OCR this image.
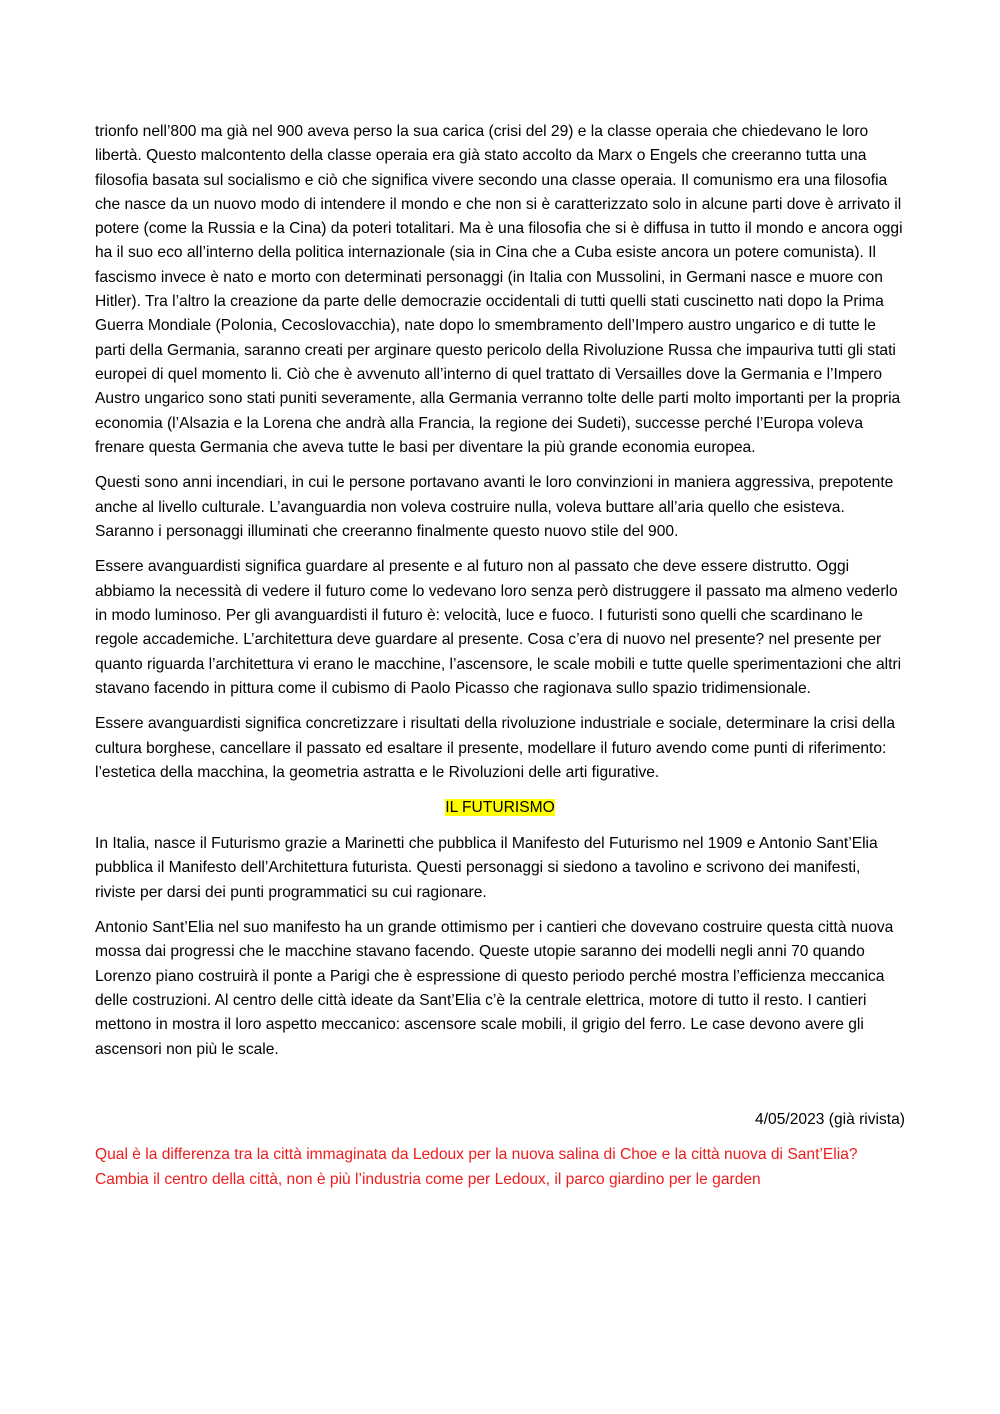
trionfo nell’800 ma già nel 900 aveva perso la sua carica (crisi del 29) e la classe operaia che chiedevano le loro libertà. Questo malcontento della classe operaia era già stato accolto da Marx o Engels che creeranno tutta una filosofia basata sul socialismo e ciò che significa vivere secondo una classe operaia. Il comunismo era una filosofia che nasce da un nuovo modo di intendere il mondo e che non si è caratterizzato solo in alcune parti dove è arrivato il potere (come la Russia e la Cina) da poteri totalitari. Ma è una filosofia che si è diffusa in tutto il mondo e ancora oggi ha il suo eco all’interno della politica internazionale (sia in Cina che a Cuba esiste ancora un potere comunista). Il fascismo invece è nato e morto con determinati personaggi (in Italia con Mussolini, in Germani nasce e muore con Hitler). Tra l’altro la creazione da parte delle democrazie occidentali di tutti quelli stati cuscinetto nati dopo la Prima Guerra Mondiale (Polonia, Cecoslovacchia), nate dopo lo smembramento dell’Impero austro ungarico e di tutte le parti della Germania, saranno creati per arginare questo pericolo della Rivoluzione Russa che impauriva tutti gli stati europei di quel momento li. Ciò che è avvenuto all’interno di quel trattato di Versailles dove la Germania e l’Impero Austro ungarico sono stati puniti severamente, alla Germania verranno tolte delle parti molto importanti per la propria economia (l’Alsazia e la Lorena che andrà alla Francia, la regione dei Sudeti), successe perché l’Europa voleva frenare questa Germania che aveva tutte le basi per diventare la più grande economia europea.

Questi sono anni incendiari, in cui le persone portavano avanti le loro convinzioni in maniera aggressiva, prepotente anche al livello culturale. L’avanguardia non voleva costruire nulla, voleva buttare all’aria quello che esisteva. Saranno i personaggi illuminati che creeranno finalmente questo nuovo stile del 900.

Essere avanguardisti significa guardare al presente e al futuro non al passato che deve essere distrutto. Oggi abbiamo la necessità di vedere il futuro come lo vedevano loro senza però distruggere il passato ma almeno vederlo in modo luminoso. Per gli avanguardisti il futuro è: velocità, luce e fuoco. I futuristi sono quelli che scardinano le regole accademiche. L’architettura deve guardare al presente. Cosa c’era di nuovo nel presente? nel presente per quanto riguarda l’architettura vi erano le macchine, l’ascensore, le scale mobili e tutte quelle sperimentazioni che altri stavano facendo in pittura come il cubismo di Paolo Picasso che ragionava sullo spazio tridimensionale.

Essere avanguardisti significa concretizzare i risultati della rivoluzione industriale e sociale, determinare la crisi della cultura borghese, cancellare il passato ed esaltare il presente, modellare il futuro avendo come punti di riferimento: l’estetica della macchina, la geometria astratta e le Rivoluzioni delle arti figurative.

IL FUTURISMO

In Italia, nasce il Futurismo grazie a Marinetti che pubblica il Manifesto del Futurismo nel 1909 e Antonio Sant’Elia pubblica il Manifesto dell’Architettura futurista. Questi personaggi si siedono a tavolino e scrivono dei manifesti, riviste per darsi dei punti programmatici su cui ragionare.

Antonio Sant’Elia nel suo manifesto ha un grande ottimismo per i cantieri che dovevano costruire questa città nuova mossa dai progressi che le macchine stavano facendo. Queste utopie saranno dei modelli negli anni 70 quando Lorenzo piano costruirà il ponte a Parigi che è espressione di questo periodo perché mostra l’efficienza meccanica delle costruzioni. Al centro delle città ideate da Sant’Elia c’è la centrale elettrica, motore di tutto il resto. I cantieri mettono in mostra il loro aspetto meccanico: ascensore scale mobili, il grigio del ferro. Le case devono avere gli ascensori non più le scale.

4/05/2023 (già rivista)

Qual è la differenza tra la città immaginata da Ledoux per la nuova salina di Choe e la città nuova di Sant’Elia? Cambia il centro della città, non è più l’industria come per Ledoux, il parco giardino per le garden
